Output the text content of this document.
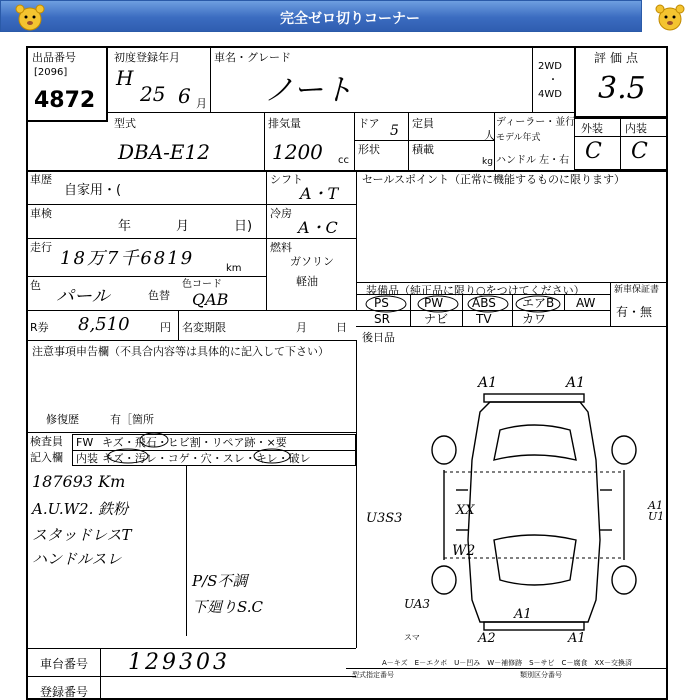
完全ゼロ切りコーナー
出品番号
[2096]
4872
初度登録年月
H
25 6 月
車名・グレード
ノート
2WD
・
4WD
評価点
3.5
型式
DBA-E12
排気量
1200 cc
ドア 5 定員
人
形状	積載
kg
ディーラー・並行
モデル年式
ハンドル 左・右
外装 内装
C C
車歴
自家用・(
シフト
A・T
車検
年	月	日)
冷房
A・C
走行
18万7千6819	km
燃料
ガソリン
軽油
色
パール	色替
色コード
QAB
R券 8,510	円 名変期限	月	日
セールスポイント（正常に機能するものに限ります）
装備品（純正品に限り○をつけてください）	新車保証書
有・無
PS	PW ABS エアB AW
SR	ナビ TV	カワ
後日品
注意事項申告欄（不具合内容等は具体的に記入して下さい）
修復歴	有［箇所
検査員
記入欄
FW キズ・飛石・ヒビ割・リペア跡・×要
内装 キズ・汚レ・コゲ・穴・スレ・キレ・破レ
187693 Km
A.U.W2. 鉄粉
スタッドレスT
ハンドルスレ
P/S不調
下廻りS.C
A1	A1
U3S3
XX
W2
A1 U1
A1
A2	A1
UA3
スマ
A－キズ　E－エクボ　U－凹み　W－補修跡　S－サビ　C－腐食　XX－交換済
車台番号 129303
登録番号
型式指定番号	類別区分番号
